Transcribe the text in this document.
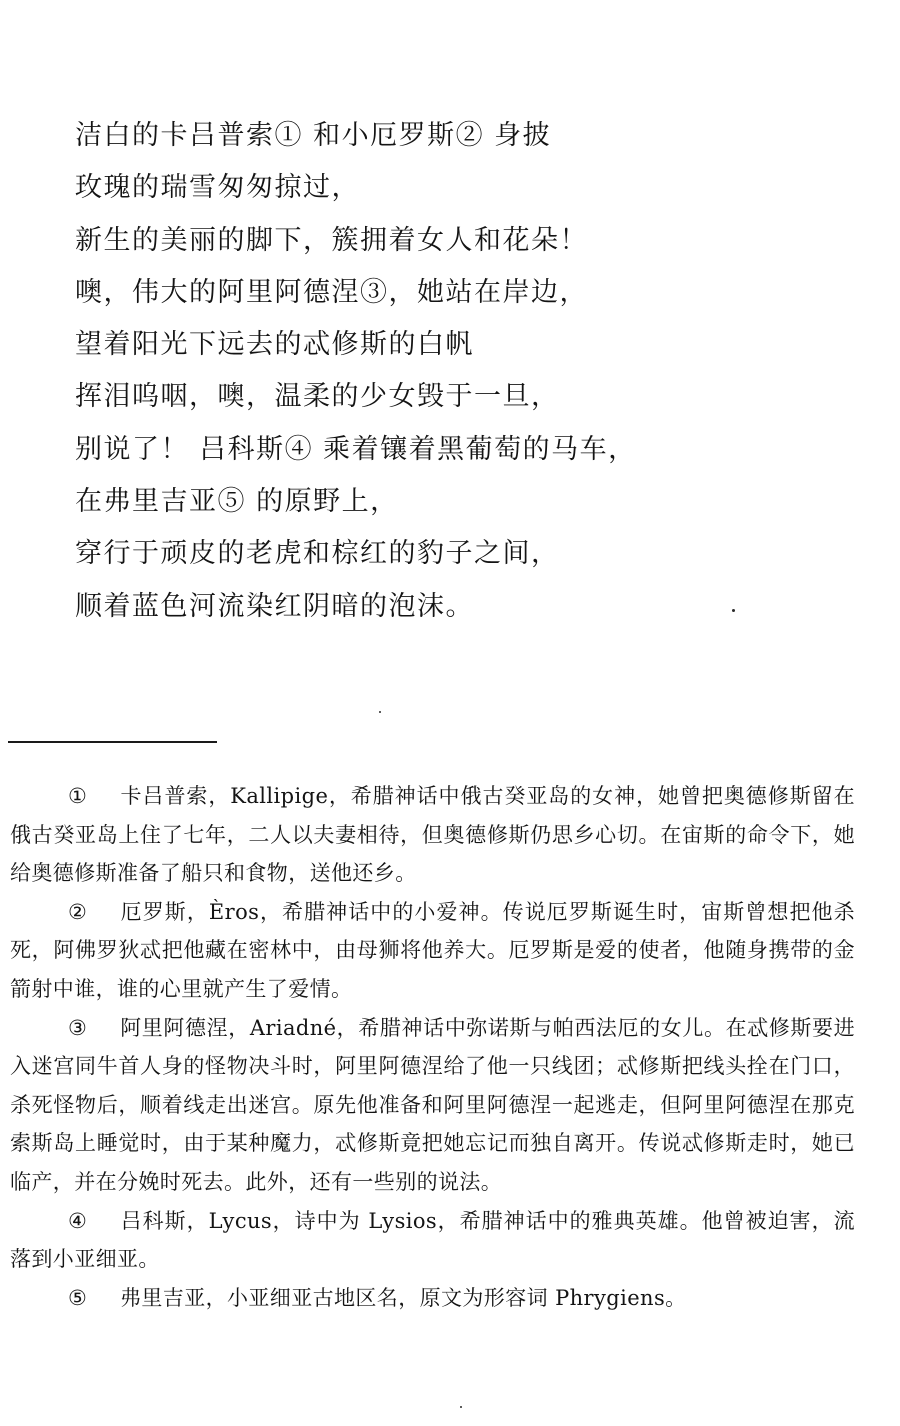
洁白的卡吕普索① 和小厄罗斯② 身披
玫瑰的瑞雪匆匆掠过，
新生的美丽的脚下，簇拥着女人和花朵！
噢，伟大的阿里阿德涅③，她站在岸边，
望着阳光下远去的忒修斯的白帆
挥泪呜咽，噢，温柔的少女毁于一旦，
别说了！ 吕科斯④ 乘着镶着黑葡萄的马车，
在弗里吉亚⑤ 的原野上，
穿行于顽皮的老虎和棕红的豹子之间，
顺着蓝色河流染红阴暗的泡沫。

① 卡吕普索，Kallipige，希腊神话中俄古癸亚岛的女神，她曾把奥德修斯留在俄古癸亚岛上住了七年，二人以夫妻相待，但奥德修斯仍思乡心切。在宙斯的命令下，她给奥德修斯准备了船只和食物，送他还乡。

② 厄罗斯，Èros，希腊神话中的小爱神。传说厄罗斯诞生时，宙斯曾想把他杀死，阿佛罗狄忒把他藏在密林中，由母狮将他养大。厄罗斯是爱的使者，他随身携带的金箭射中谁，谁的心里就产生了爱情。

③ 阿里阿德涅，Ariadné，希腊神话中弥诺斯与帕西法厄的女儿。在忒修斯要进入迷宫同牛首人身的怪物决斗时，阿里阿德涅给了他一只线团；忒修斯把线头拴在门口，杀死怪物后，顺着线走出迷宫。原先他准备和阿里阿德涅一起逃走，但阿里阿德涅在那克索斯岛上睡觉时，由于某种魔力，忒修斯竟把她忘记而独自离开。传说忒修斯走时，她已临产，并在分娩时死去。此外，还有一些别的说法。

④ 吕科斯，Lycus，诗中为 Lysios，希腊神话中的雅典英雄。他曾被迫害，流落到小亚细亚。

⑤ 弗里吉亚，小亚细亚古地区名，原文为形容词 Phrygiens。
